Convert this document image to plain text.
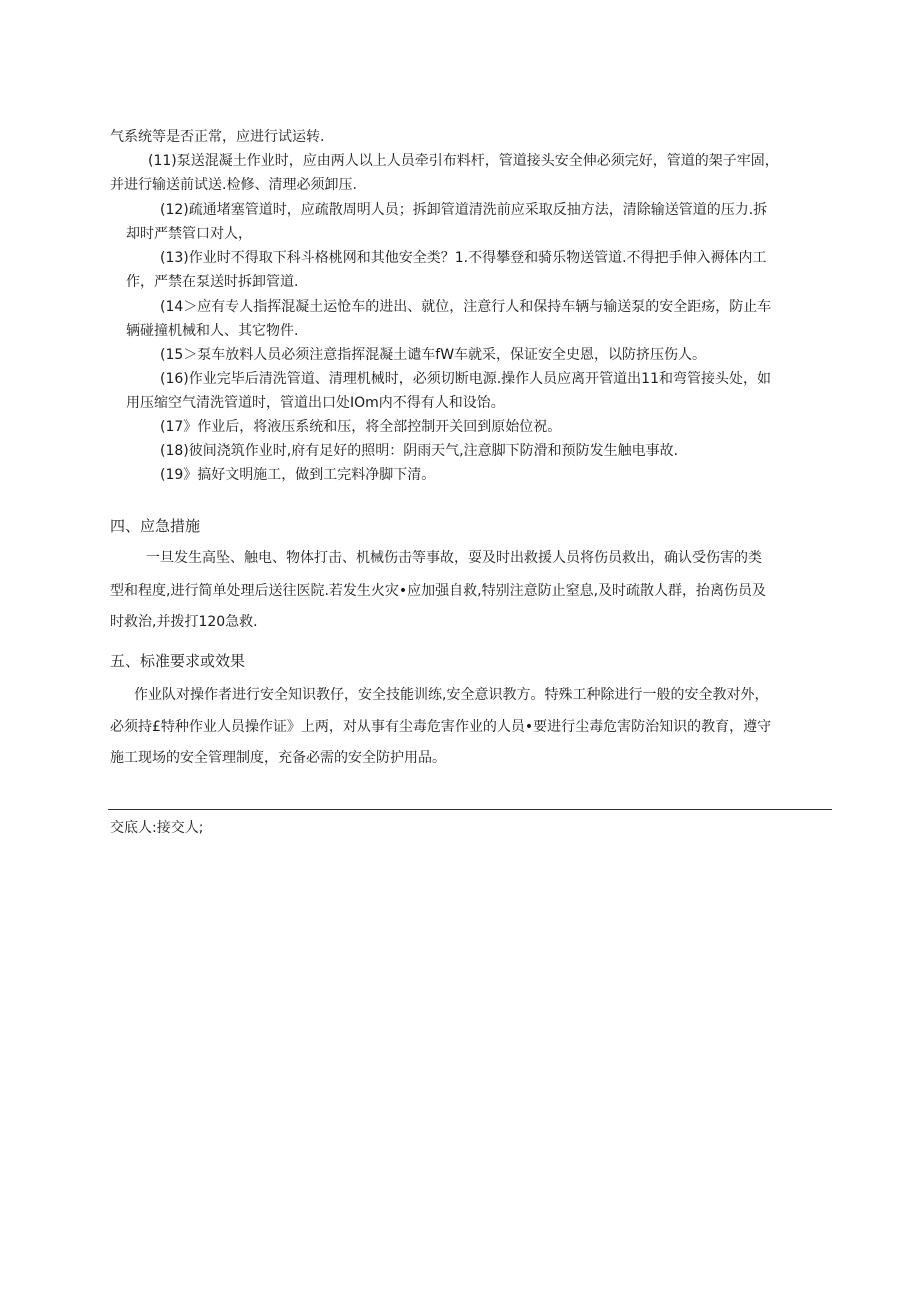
气系统等是否正常，应进行试运转.
(11)泵送混凝土作业时，应由两人以上人员牵引布料杆，管道接头安全伸必须完好，管道的架子牢固，
并进行输送前试送.检修、清理必须卸压.
(12)疏通堵塞管道时，应疏散周明人员；拆卸管道清洗前应采取反抽方法，清除输送管道的压力.拆
却时严禁管口对人，
(13)作业时不得取下科斗格桃网和其他安全类？1.不得攀登和骑乐物送管道.不得把手伸入褥体内工
作，严禁在泵送时拆卸管道.
(14＞应有专人指挥混凝土运怆车的进出、就位，注意行人和保持车辆与输送泵的安全距疡，防止车
辆碰撞机械和人、其它物件.
(15＞泵车放料人员必须注意指挥混凝土谴车fW车就采，保证安全史恩，以防挤压伤人。
(16)作业完毕后清洗管道、清理机械时，必须切断电源.操作人员应离开管道出11和弯管接头处，如
用压缩空气清洗管道时，管道出口处IOm内不得有人和设饴。
(17》作业后，将液压系统和压，将全部控制开关回到原始位祝。
(18)彼间浇筑作业时,府有足好的照明：阴雨天气,注意脚下防滑和预防发生触电事故.
(19》搞好文明施工，做到工完料净脚下清。
四、应急措施
一旦发生高坠、触电、物体打击、机械伤击等事故，耍及时出救援人员将伤员救出，确认受伤害的类
型和程度,进行简单处理后送往医院.若发生火灾•应加强自救,特别注意防止窒息,及时疏散人群，抬离伤员及
时救治,并拨打120急救.
五、标准要求或效果
作业队对操作者进行安全知识教仔，安全技能训练,安全意识教方。特殊工种除进行一般的安全教对外，
必须持£特种作业人员操作证》上两，对从事有尘毒危害作业的人员•要进行尘毒危害防治知识的教育，遵守
施工现场的安全管理制度，充备必需的安全防护用品。
交底人:接交人;
